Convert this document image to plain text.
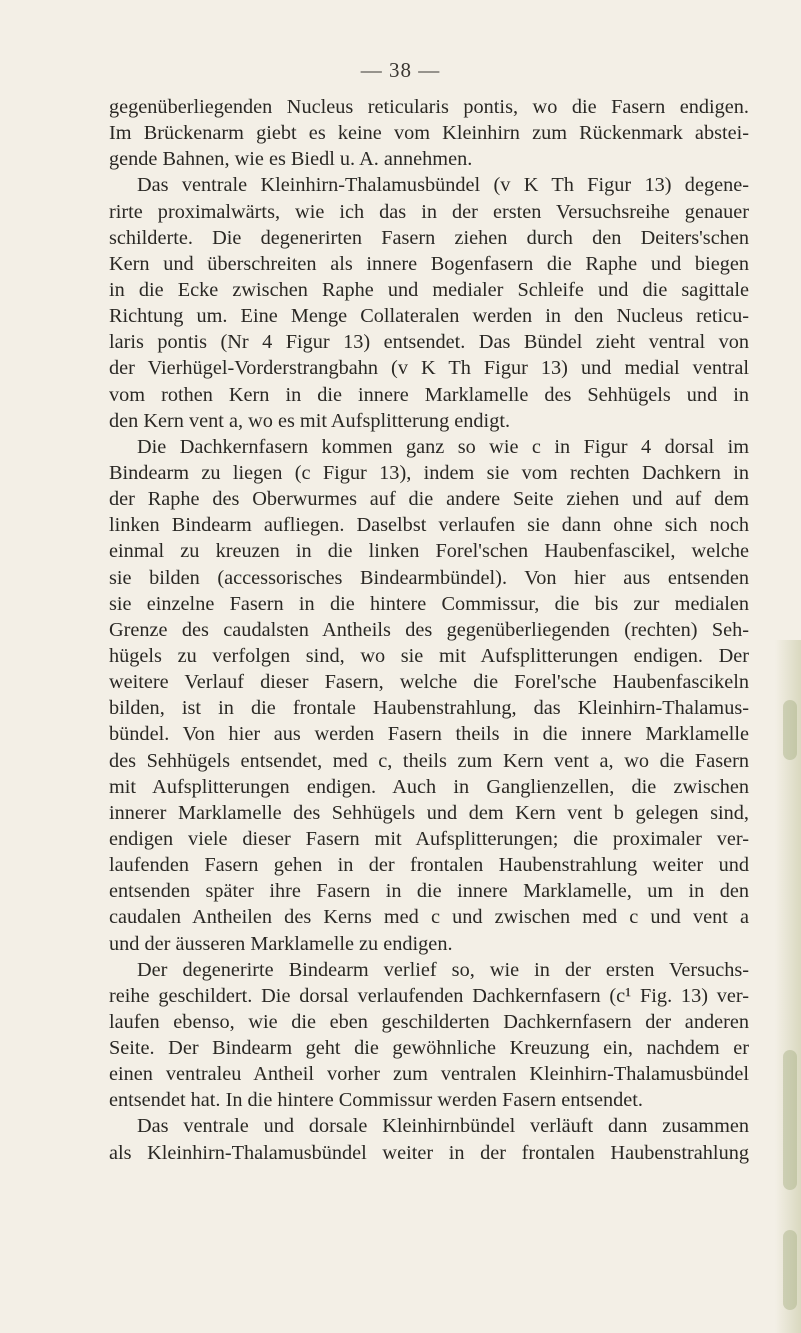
— 38 —
gegenüberliegenden Nucleus reticularis pontis, wo die Fasern endigen.
Im Brückenarm giebt es keine vom Kleinhirn zum Rückenmark abstei-
gende Bahnen, wie es Biedl u. A. annehmen.
Das ventrale Kleinhirn-Thalamusbündel (v K Th Figur 13) degene-
rirte proximalwärts, wie ich das in der ersten Versuchsreihe genauer
schilderte. Die degenerirten Fasern ziehen durch den Deiters'schen
Kern und überschreiten als innere Bogenfasern die Raphe und biegen
in die Ecke zwischen Raphe und medialer Schleife und die sagittale
Richtung um. Eine Menge Collateralen werden in den Nucleus reticu-
laris pontis (Nr 4 Figur 13) entsendet. Das Bündel zieht ventral von
der Vierhügel-Vorderstrangbahn (v K Th Figur 13) und medial ventral
vom rothen Kern in die innere Marklamelle des Sehhügels und in
den Kern vent a, wo es mit Aufsplitterung endigt.
Die Dachkernfasern kommen ganz so wie c in Figur 4 dorsal im
Bindearm zu liegen (c Figur 13), indem sie vom rechten Dachkern in
der Raphe des Oberwurmes auf die andere Seite ziehen und auf dem
linken Bindearm aufliegen. Daselbst verlaufen sie dann ohne sich noch
einmal zu kreuzen in die linken Forel'schen Haubenfascikel, welche
sie bilden (accessorisches Bindearmbündel). Von hier aus entsenden
sie einzelne Fasern in die hintere Commissur, die bis zur medialen
Grenze des caudalsten Antheils des gegenüberliegenden (rechten) Seh-
hügels zu verfolgen sind, wo sie mit Aufsplitterungen endigen. Der
weitere Verlauf dieser Fasern, welche die Forel'sche Haubenfascikeln
bilden, ist in die frontale Haubenstrahlung, das Kleinhirn-Thalamus-
bündel. Von hier aus werden Fasern theils in die innere Marklamelle
des Sehhügels entsendet, med c, theils zum Kern vent a, wo die Fasern
mit Aufsplitterungen endigen. Auch in Ganglienzellen, die zwischen
innerer Marklamelle des Sehhügels und dem Kern vent b gelegen sind,
endigen viele dieser Fasern mit Aufsplitterungen; die proximaler ver-
laufenden Fasern gehen in der frontalen Haubenstrahlung weiter und
entsenden später ihre Fasern in die innere Marklamelle, um in den
caudalen Antheilen des Kerns med c und zwischen med c und vent a
und der äusseren Marklamelle zu endigen.
Der degenerirte Bindearm verlief so, wie in der ersten Versuchs-
reihe geschildert. Die dorsal verlaufenden Dachkernfasern (c¹ Fig. 13) ver-
laufen ebenso, wie die eben geschilderten Dachkernfasern der anderen
Seite. Der Bindearm geht die gewöhnliche Kreuzung ein, nachdem er
einen ventraleu Antheil vorher zum ventralen Kleinhirn-Thalamusbündel
entsendet hat. In die hintere Commissur werden Fasern entsendet.
Das ventrale und dorsale Kleinhirnbündel verläuft dann zusammen
als Kleinhirn-Thalamusbündel weiter in der frontalen Haubenstrahlung
